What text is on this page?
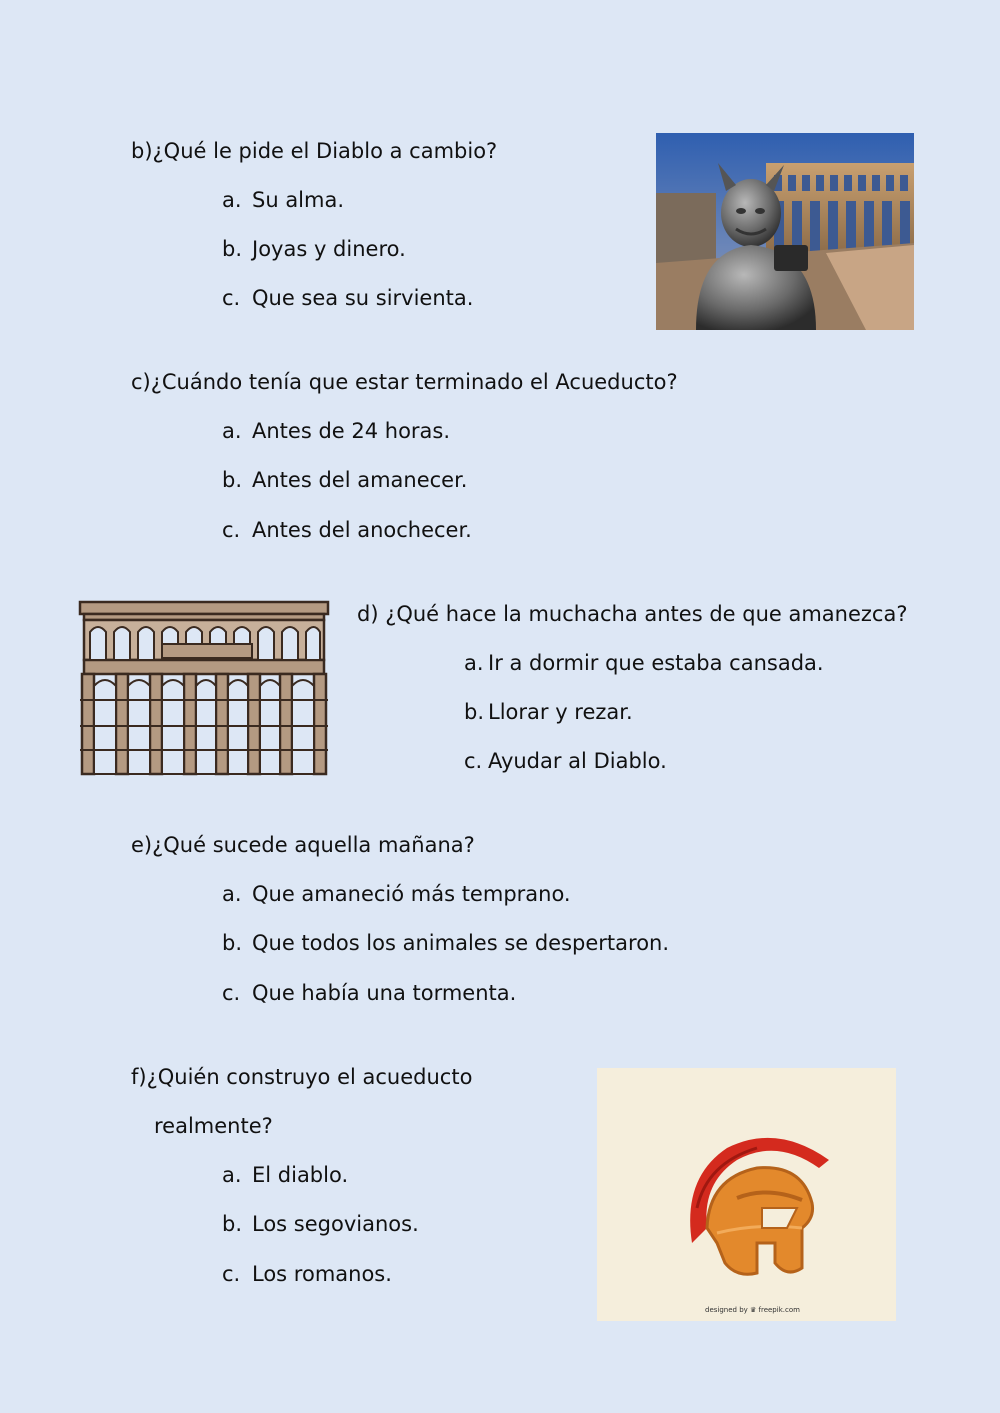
b)¿Qué le pide el Diablo a cambio?
a. Su alma.
b. Joyas y dinero.
c. Que sea su sirvienta.
c)¿Cuándo tenía que estar terminado el Acueducto?
a. Antes de 24 horas.
b. Antes del amanecer.
c. Antes del anochecer.
d) ¿Qué hace la muchacha antes de que amanezca?
a. Ir a dormir que estaba cansada.
b. Llorar y rezar.
c. Ayudar al Diablo.
e)¿Qué sucede aquella mañana?
a. Que amaneció más temprano.
b. Que todos los animales se despertaron.
c. Que había una tormenta.
f)¿Quién construyo el acueducto
realmente?
a. El diablo.
b. Los segovianos.
c. Los romanos.
designed by ♛ freepik.com
